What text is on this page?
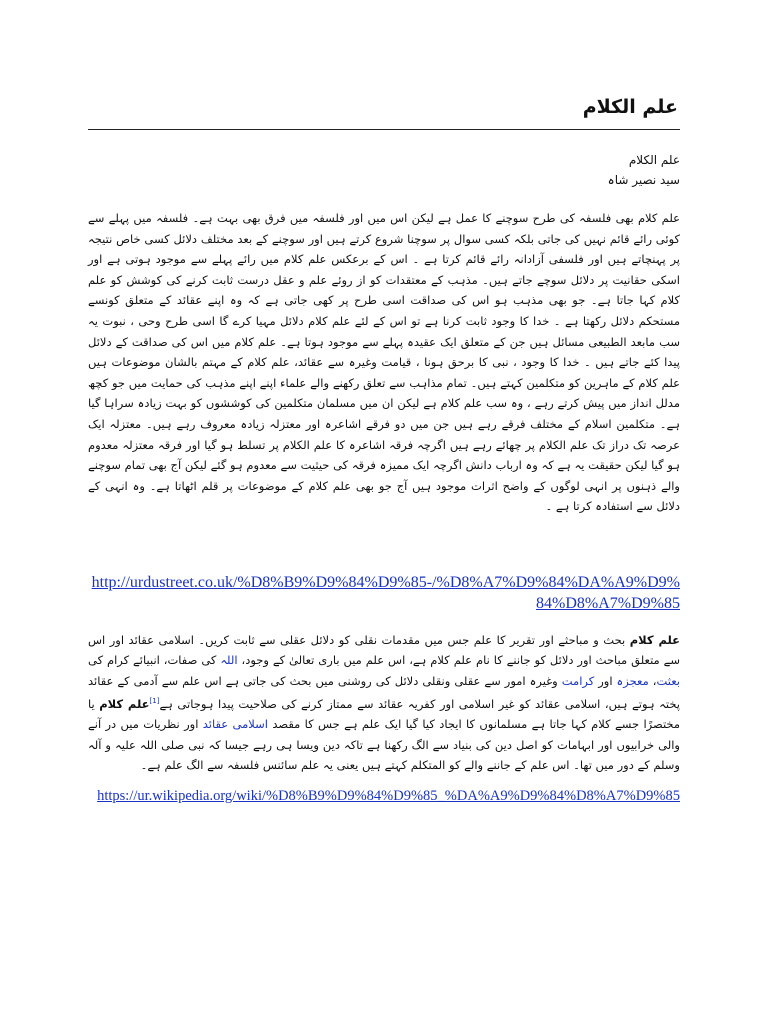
علم الکلام
علم الکلام
سید نصیر شاہ
علم کلام بھی فلسفہ کی طرح سوچنے کا عمل ہے لیکن اس میں اور فلسفہ میں فرق بھی بہت ہے۔ فلسفہ میں پہلے سے کوئی رائے قائم نہیں کی جاتی بلکہ کسی سوال پر سوچنا شروع کرتے ہیں اور سوچنے کے بعد مختلف دلائل کسی خاص نتیجہ پر پہنچاتے ہیں اور فلسفی آزادانہ رائے قائم کرتا ہے ۔ اس کے برعکس علم کلام میں رائے پہلے سے موجود ہوتی ہے اور اسکی حقانیت پر دلائل سوچے جاتے ہیں۔ مذہب کے معتقدات کو از روئے علم و عقل درست ثابت کرنے کی کوشش کو علم کلام کہا جاتا ہے۔ جو بھی مذہب ہو اس کی صداقت اسی طرح پر کھی جاتی ہے کہ وہ اپنے عقائد کے متعلق کونسے مستحکم دلائل رکھتا ہے ۔ خدا کا وجود ثابت کرنا ہے تو اس کے لئے علم کلام دلائل مہیا کرے گا اسی طرح وحی ، نبوت یہ سب مابعد الطبیعی مسائل ہیں جن کے متعلق ایک عقیدہ پہلے سے موجود ہوتا ہے۔ علم کلام میں اس کی صداقت کے دلائل پیدا کئے جاتے ہیں ۔ خدا کا وجود ، نبی کا برحق ہونا ، قیامت وغیرہ سے عقائد، علم کلام کے مہتم بالشان موضوعات ہیں علم کلام کے ماہرین کو متکلمین کہتے ہیں۔ تمام مذاہب سے تعلق رکھنے والے علماء اپنے اپنے مذہب کی حمایت میں جو کچھ مدلل انداز میں پیش کرتے رہے ، وہ سب علم کلام ہے لیکن ان میں مسلمان متکلمین کی کوششوں کو بہت زیادہ سراہا گیا ہے۔ متکلمین اسلام کے مختلف فرقے رہے ہیں جن میں دو فرقے اشاعرہ اور معتزلہ زیادہ معروف رہے ہیں۔ معتزلہ ایک عرصہ تک دراز تک علم الکلام پر چھائے رہے ہیں اگرچہ فرقہ اشاعرہ کا علم الکلام پر تسلط ہو گیا اور فرقہ معتزلہ معدوم ہو گیا لیکن حقیقت یہ ہے کہ وہ ارباب دانش اگرچہ ایک ممیزہ فرقہ کی حیثیت سے معدوم ہو گئے لیکن آج بھی تمام سوچنے والے ذہنوں پر انہی لوگوں کے واضح اثرات موجود ہیں آج جو بھی علم کلام کے موضوعات پر قلم اٹھاتا ہے۔ وہ انہی کے دلائل سے استفادہ کرتا ہے ۔
http://urdustreet.co.uk/%D8%B9%D9%84%D9%85-/%D8%A7%D9%84%DA%A9%D9%84%D8%A7%D9%85
علم کلام بحث و مباحثے اور تقریر کا علم جس میں مقدمات نقلی کو دلائل عقلی سے ثابت کریں۔ اسلامی عقائد اور اس سے متعلق مباحث اور دلائل کو جاننے کا نام علم کلام ہے، اس علم میں باری تعالیٰ کے وجود، اللہ کی صفات، انبیائے کرام کی بعثت، معجزہ اور کرامت وغیرہ امور سے عقلی ونقلی دلائل کی روشنی میں بحث کی جاتی ہے اس علم سے آدمی کے عقائد پختہ ہوتے ہیں، اسلامی عقائد کو غیر اسلامی اور کفریہ عقائد سے ممتاز کرنے کی صلاحیت پیدا ہوجاتی ہے[1]علم کلام یا مختصرًا جسے کلام کہا جاتا ہے مسلمانوں کا ایجاد کیا گیا ایک علم ہے جس کا مقصد اسلامی عقائد اور نظریات میں در آنے والی خرابیوں اور ابہامات کو اصل دین کی بنیاد سے الگ رکھنا ہے تاکہ دین ویسا ہی رہے جیسا کہ نبی صلی اللہ علیہ و آلہ وسلم کے دور میں تھا۔ اس علم کے جاننے والے کو المتکلم کہتے ہیں یعنی یہ علم سائنس فلسفہ سے الگ علم ہے۔
https://ur.wikipedia.org/wiki/%D8%B9%D9%84%D9%85_%DA%A9%D9%84%D8%A7%D9%85
